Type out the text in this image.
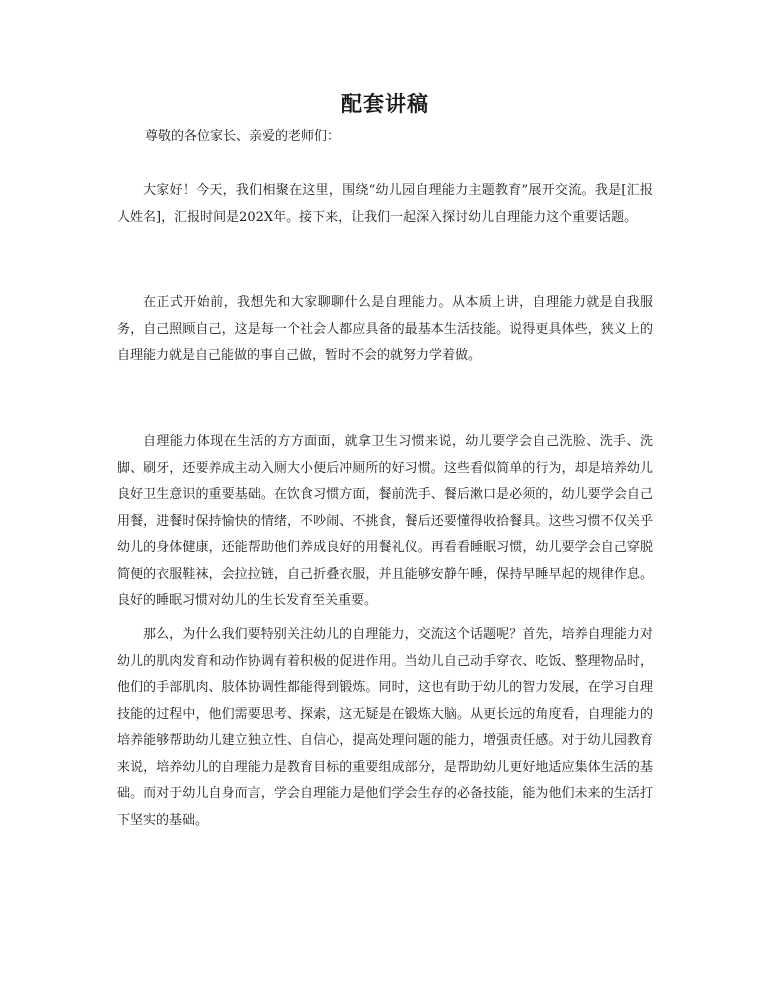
配套讲稿
尊敬的各位家长、亲爱的老师们：

大家好！今天，我们相聚在这里，围绕“幼儿园自理能力主题教育”展开交流。我是[汇报人姓名]，汇报时间是202X年。接下来，让我们一起深入探讨幼儿自理能力这个重要话题。

在正式开始前，我想先和大家聊聊什么是自理能力。从本质上讲，自理能力就是自我服务，自己照顾自己，这是每一个社会人都应具备的最基本生活技能。说得更具体些，狭义上的自理能力就是自己能做的事自己做，暂时不会的就努力学着做。

自理能力体现在生活的方方面面，就拿卫生习惯来说，幼儿要学会自己洗脸、洗手、洗脚、刷牙，还要养成主动入厕大小便后冲厕所的好习惯。这些看似简单的行为，却是培养幼儿良好卫生意识的重要基础。在饮食习惯方面，餐前洗手、餐后漱口是必须的，幼儿要学会自己用餐，进餐时保持愉快的情绪，不吵闹、不挑食，餐后还要懂得收拾餐具。这些习惯不仅关乎幼儿的身体健康，还能帮助他们养成良好的用餐礼仪。再看看睡眠习惯，幼儿要学会自己穿脱简便的衣服鞋袜，会拉拉链，自己折叠衣服，并且能够安静午睡，保持早睡早起的规律作息。良好的睡眠习惯对幼儿的生长发育至关重要。

那么，为什么我们要特别关注幼儿的自理能力，交流这个话题呢？首先，培养自理能力对幼儿的肌肉发育和动作协调有着积极的促进作用。当幼儿自己动手穿衣、吃饭、整理物品时，他们的手部肌肉、肢体协调性都能得到锻炼。同时，这也有助于幼儿的智力发展，在学习自理技能的过程中，他们需要思考、探索，这无疑是在锻炼大脑。从更长远的角度看，自理能力的培养能够帮助幼儿建立独立性、自信心，提高处理问题的能力，增强责任感。对于幼儿园教育来说，培养幼儿的自理能力是教育目标的重要组成部分，是帮助幼儿更好地适应集体生活的基础。而对于幼儿自身而言，学会自理能力是他们学会生存的必备技能，能为他们未来的生活打下坚实的基础。
